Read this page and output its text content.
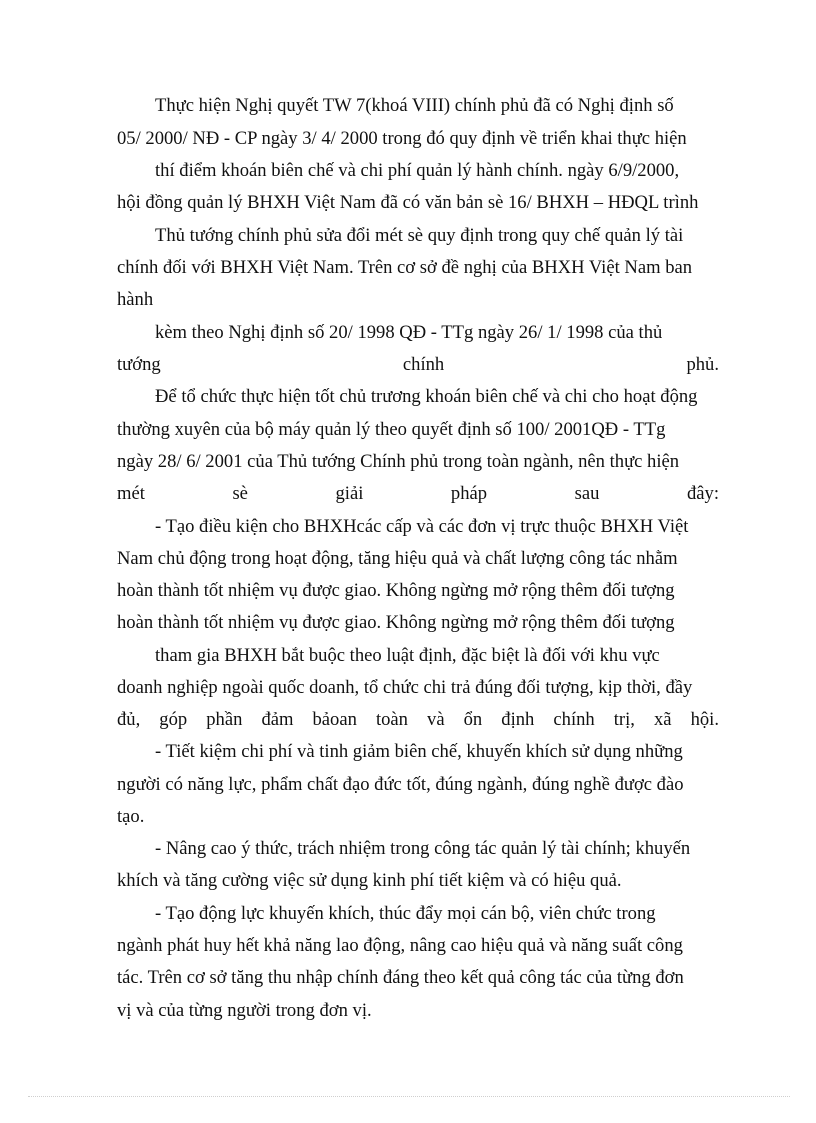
Thực hiện Nghị quyết TW 7(khoá VIII) chính phủ đã có Nghị định số
05/ 2000/ NĐ - CP ngày 3/ 4/ 2000 trong đó quy định về triển khai thực hiện
thí điểm khoán biên chế và chi phí quản lý hành chính. ngày 6/9/2000,
hội đồng quản lý BHXH Việt Nam đã có văn bản sè 16/ BHXH – HĐQL trình
Thủ tướng chính phủ sửa đổi mét sè quy định trong quy chế quản lý tài
chính đối với BHXH Việt Nam. Trên cơ sở đề nghị của BHXH Việt Nam ban
hành
kèm theo Nghị định số 20/ 1998 QĐ - TTg ngày 26/ 1/ 1998 của thủ
tướng chính phủ.
Để tổ chức thực hiện tốt chủ trương khoán biên chế và chi cho hoạt động
thường xuyên của bộ máy quản lý theo quyết định số 100/ 2001QĐ - TTg
ngày 28/ 6/ 2001 của Thủ tướng Chính phủ trong toàn ngành, nên thực hiện
mét sè giải pháp sau đây:
- Tạo điều kiện cho BHXHcác cấp và các đơn vị trực thuộc BHXH Việt
Nam chủ động trong hoạt động, tăng hiệu quả và chất lượng công tác nhằm
hoàn thành tốt nhiệm vụ được giao. Không ngừng mở rộng thêm đối tượng
hoàn thành tốt nhiệm vụ được giao. Không ngừng mở rộng thêm đối tượng
tham gia BHXH bắt buộc theo luật định, đặc biệt là đối với khu vực
doanh nghiệp ngoài quốc doanh, tổ chức chi trả đúng đối tượng, kịp thời, đầy
đủ, góp phần đảm bảoan toàn và ổn định chính trị, xã hội.
- Tiết kiệm chi phí và tinh giảm biên chế, khuyến khích sử dụng những
người có năng lực, phẩm chất đạo đức tốt, đúng ngành, đúng nghề được đào
tạo.
- Nâng cao ý thức, trách nhiệm trong công tác quản lý tài chính; khuyến
khích và tăng cường việc sử dụng kinh phí tiết kiệm và có hiệu quả.
- Tạo động lực khuyến khích, thúc đẩy mọi cán bộ, viên chức trong
ngành phát huy hết khả năng lao động, nâng cao hiệu quả và năng suất công
tác. Trên cơ sở tăng thu nhập chính đáng theo kết quả công tác của từng đơn
vị và của từng người trong đơn vị.
